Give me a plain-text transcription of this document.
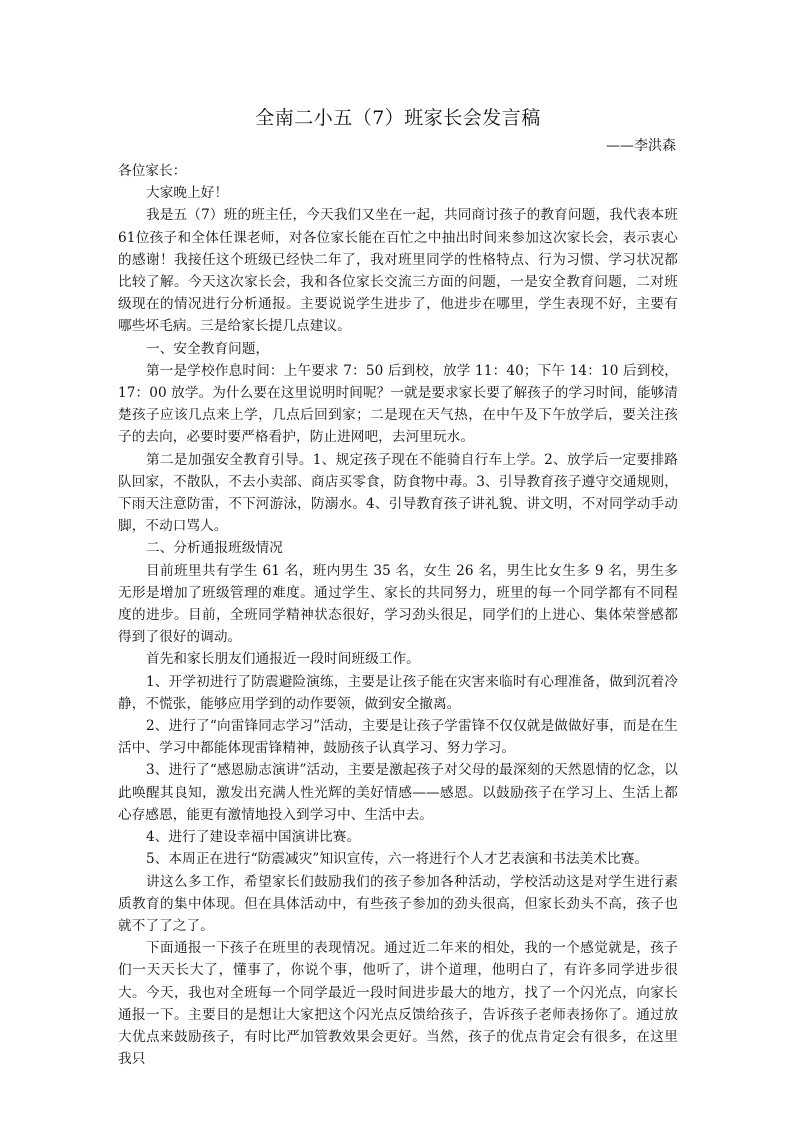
全南二小五（7）班家长会发言稿
——李洪森

各位家长：

大家晚上好！

我是五（7）班的班主任，今天我们又坐在一起，共同商讨孩子的教育问题，我代表本班 61位孩子和全体任课老师，对各位家长能在百忙之中抽出时间来参加这次家长会，表示衷心的感谢！我接任这个班级已经快二年了，我对班里同学的性格特点、行为习惯、学习状况都比较了解。今天这次家长会，我和各位家长交流三方面的问题，一是安全教育问题，二对班级现在的情况进行分析通报。主要说说学生进步了，他进步在哪里，学生表现不好，主要有哪些坏毛病。三是给家长提几点建议。

一、安全教育问题，

第一是学校作息时间：上午要求 7：50 后到校，放学 11：40；下午 14：10 后到校，17：00 放学。为什么要在这里说明时间呢？一就是要求家长要了解孩子的学习时间，能够清楚孩子应该几点来上学，几点后回到家；二是现在天气热，在中午及下午放学后，要关注孩子的去向，必要时要严格看护，防止进网吧，去河里玩水。

第二是加强安全教育引导。1、规定孩子现在不能骑自行车上学。2、放学后一定要排路队回家，不散队，不去小卖部、商店买零食，防食物中毒。3、引导教育孩子遵守交通规则，下雨天注意防雷，不下河游泳，防溺水。4、引导教育孩子讲礼貌、讲文明，不对同学动手动脚，不动口骂人。

二、分析通报班级情况

目前班里共有学生 61 名，班内男生 35 名，女生 26 名，男生比女生多 9 名，男生多无形是增加了班级管理的难度。通过学生、家长的共同努力，班里的每一个同学都有不同程度的进步。目前，全班同学精神状态很好，学习劲头很足，同学们的上进心、集体荣誉感都得到了很好的调动。

首先和家长朋友们通报近一段时间班级工作。

1、开学初进行了防震避险演练，主要是让孩子能在灾害来临时有心理准备，做到沉着冷静，不慌张，能够应用学到的动作要领，做到安全撤离。

2、进行了“向雷锋同志学习”活动，主要是让孩子学雷锋不仅仅就是做做好事，而是在生活中、学习中都能体现雷锋精神，鼓励孩子认真学习、努力学习。

3、进行了“感恩励志演讲”活动，主要是激起孩子对父母的最深刻的天然恩情的忆念，以此唤醒其良知，激发出充满人性光辉的美好情感——感恩。以鼓励孩子在学习上、生活上都心存感恩，能更有激情地投入到学习中、生活中去。

4、进行了建设幸福中国演讲比赛。

5、本周正在进行“防震减灾”知识宣传，六一将进行个人才艺表演和书法美术比赛。

讲这么多工作，希望家长们鼓励我们的孩子参加各种活动，学校活动这是对学生进行素质教育的集中体现。但在具体活动中，有些孩子参加的劲头很高，但家长劲头不高，孩子也就不了了之了。

下面通报一下孩子在班里的表现情况。通过近二年来的相处，我的一个感觉就是，孩子们一天天长大了，懂事了，你说个事，他听了，讲个道理，他明白了，有许多同学进步很大。今天，我也对全班每一个同学最近一段时间进步最大的地方，找了一个闪光点，向家长通报一下。主要目的是想让大家把这个闪光点反馈给孩子，告诉孩子老师表扬你了。通过放大优点来鼓励孩子，有时比严加管教效果会更好。当然，孩子的优点肯定会有很多，在这里我只
